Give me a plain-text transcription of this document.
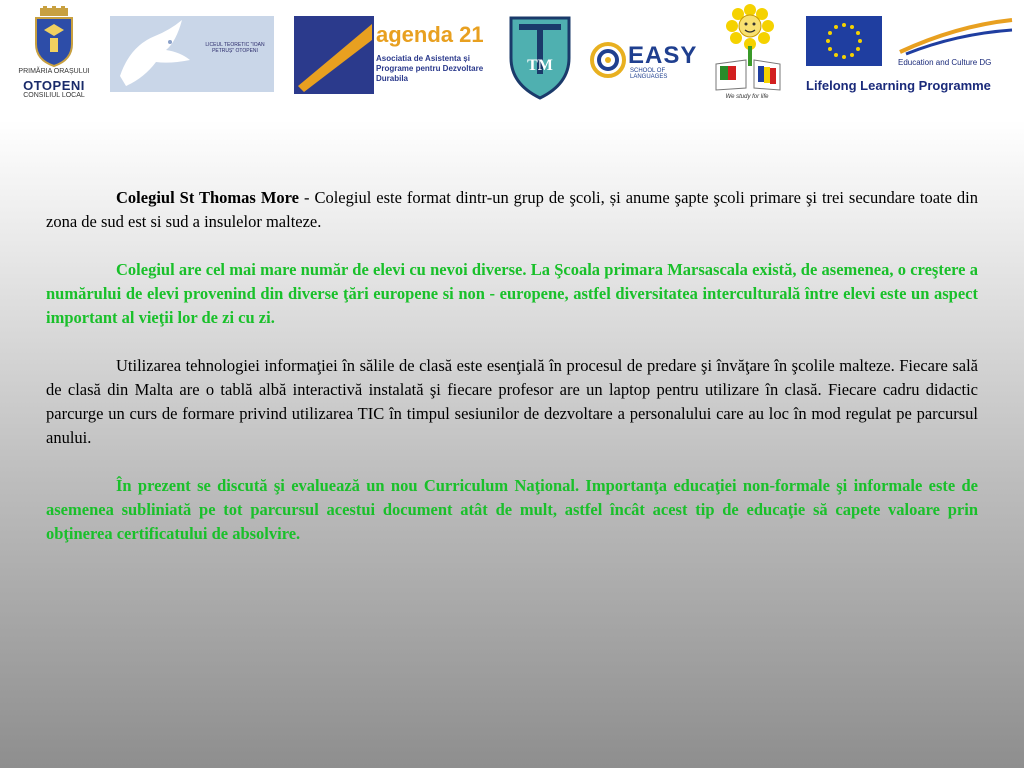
PRIMĂRIA ORAȘULUI
OTOPENI
CONSILIUL LOCAL
LICEUL TEORETIC "IOAN PETRUȘ" OTOPENI
agenda 21
Asociatia de Asistenta și Programe pentru Dezvoltare Durabila
TM	EASY
SCHOOL OF LANGUAGES
We study for life
Education and Culture DG
Lifelong Learning Programme

Colegiul St Thomas More - Colegiul este format dintr-un grup de şcoli, și anume şapte şcoli primare şi trei secundare toate din zona de sud est si sud a insulelor malteze.

Colegiul are cel mai mare număr de elevi cu nevoi diverse. La Şcoala primara Marsascala există, de asemenea, o creştere a numărului de elevi provenind din diverse ţări europene si non - europene, astfel diversitatea interculturală între elevi este un aspect important al vieţii lor de zi cu zi.

Utilizarea tehnologiei informaţiei în sălile de clasă este esenţială în procesul de predare şi învăţare în şcolile malteze. Fiecare sală de clasă din Malta are o tablă albă interactivă instalată şi fiecare profesor are un laptop pentru utilizare în clasă. Fiecare cadru didactic parcurge un curs de formare privind utilizarea TIC în timpul sesiunilor de dezvoltare a personalului care au loc în mod regulat pe parcursul anului.

În prezent se discută şi evaluează un nou Curriculum Naţional. Importanţa educaţiei non-formale şi informale este de asemenea subliniată pe tot parcursul acestui document atât de mult, astfel încât acest tip de educaţie să capete valoare prin obţinerea certificatului de absolvire.
